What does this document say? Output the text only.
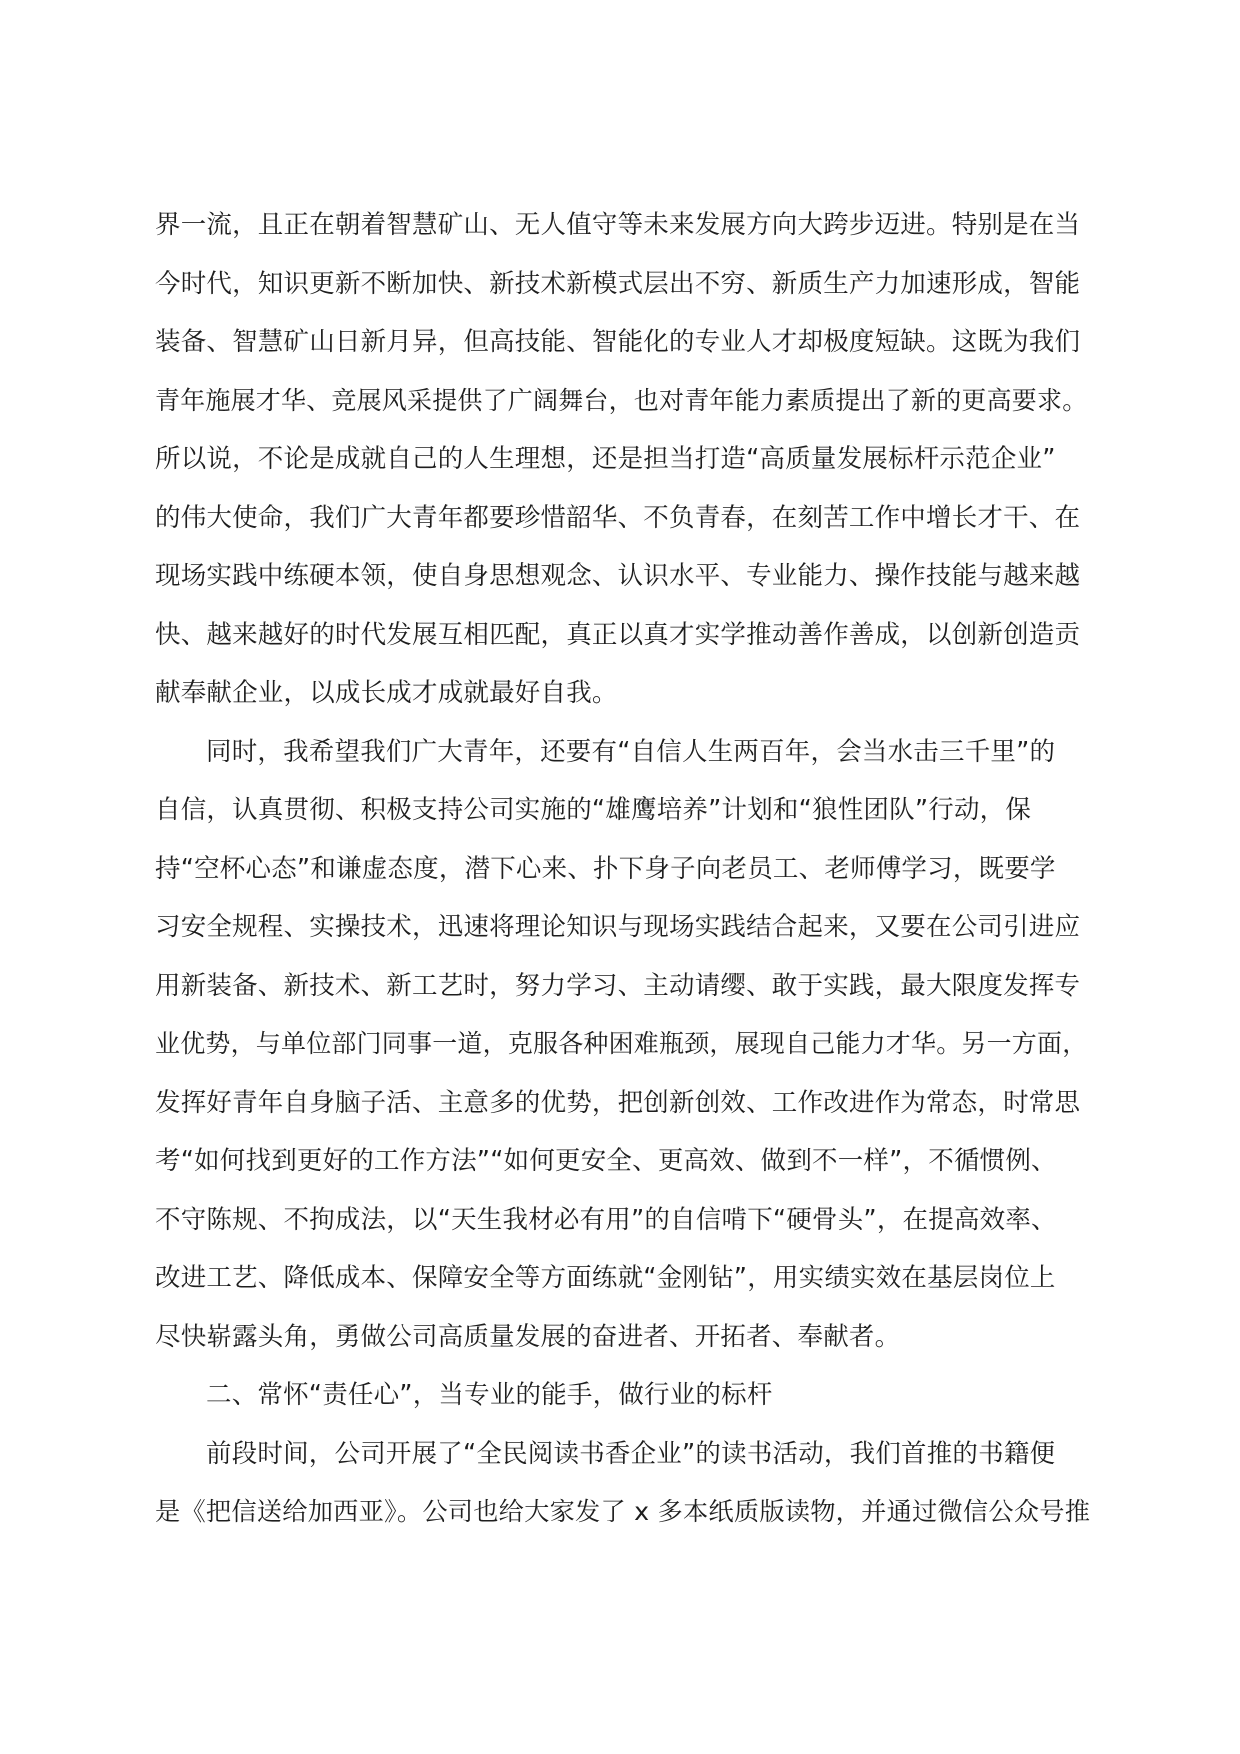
界一流，且正在朝着智慧矿山、无人值守等未来发展方向大跨步迈进。特别是在当
今时代，知识更新不断加快、新技术新模式层出不穷、新质生产力加速形成，智能
装备、智慧矿山日新月异，但高技能、智能化的专业人才却极度短缺。这既为我们
青年施展才华、竞展风采提供了广阔舞台，也对青年能力素质提出了新的更高要求。
所以说，不论是成就自己的人生理想，还是担当打造“高质量发展标杆示范企业”
的伟大使命，我们广大青年都要珍惜韶华、不负青春，在刻苦工作中增长才干、在
现场实践中练硬本领，使自身思想观念、认识水平、专业能力、操作技能与越来越
快、越来越好的时代发展互相匹配，真正以真才实学推动善作善成，以创新创造贡
献奉献企业，以成长成才成就最好自我。
同时，我希望我们广大青年，还要有“自信人生两百年，会当水击三千里”的
自信，认真贯彻、积极支持公司实施的“雄鹰培养”计划和“狼性团队”行动，保
持“空杯心态”和谦虚态度，潜下心来、扑下身子向老员工、老师傅学习，既要学
习安全规程、实操技术，迅速将理论知识与现场实践结合起来，又要在公司引进应
用新装备、新技术、新工艺时，努力学习、主动请缨、敢于实践，最大限度发挥专
业优势，与单位部门同事一道，克服各种困难瓶颈，展现自己能力才华。另一方面，
发挥好青年自身脑子活、主意多的优势，把创新创效、工作改进作为常态，时常思
考“如何找到更好的工作方法”“如何更安全、更高效、做到不一样”，不循惯例、
不守陈规、不拘成法，以“天生我材必有用”的自信啃下“硬骨头”，在提高效率、
改进工艺、降低成本、保障安全等方面练就“金刚钻”，用实绩实效在基层岗位上
尽快崭露头角，勇做公司高质量发展的奋进者、开拓者、奉献者。
二、常怀“责任心”，当专业的能手，做行业的标杆
前段时间，公司开展了“全民阅读书香企业”的读书活动，我们首推的书籍便
是《把信送给加西亚》。公司也给大家发了 x 多本纸质版读物，并通过微信公众号推
